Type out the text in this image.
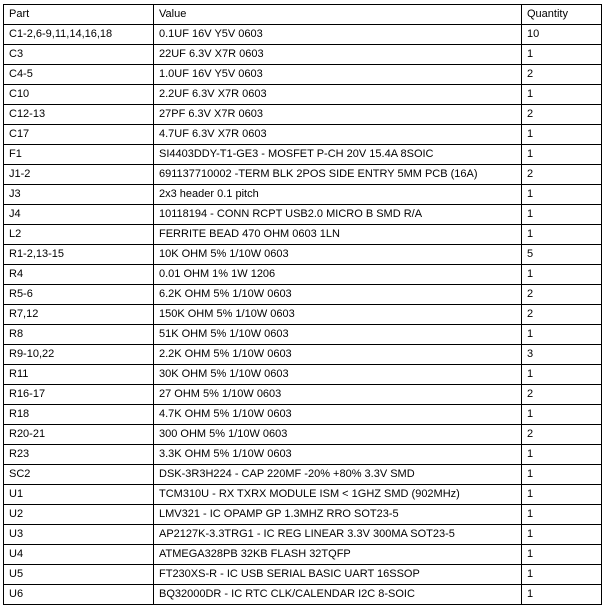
Part	Value	Quantity
C1-2,6-9,11,14,16,18	0.1UF 16V Y5V 0603	10
C3	22UF 6.3V X7R 0603	1
C4-5	1.0UF 16V Y5V 0603	2
C10	2.2UF 6.3V X7R 0603	1
C12-13	27PF 6.3V X7R 0603	2
C17	4.7UF 6.3V X7R 0603	1
F1	SI4403DDY-T1-GE3 - MOSFET P-CH 20V 15.4A 8SOIC	1
J1-2	691137710002 -TERM BLK 2POS SIDE ENTRY 5MM PCB (16A)	2
J3	2x3 header 0.1 pitch	1
J4	10118194 - CONN RCPT USB2.0 MICRO B SMD R/A	1
L2	FERRITE BEAD 470 OHM 0603 1LN	1
R1-2,13-15	10K OHM 5% 1/10W 0603	5
R4	0.01 OHM 1% 1W 1206	1
R5-6	6.2K OHM 5% 1/10W 0603	2
R7,12	150K OHM 5% 1/10W 0603	2
R8	51K OHM 5% 1/10W 0603	1
R9-10,22	2.2K OHM 5% 1/10W 0603	3
R11	30K OHM 5% 1/10W 0603	1
R16-17	27 OHM 5% 1/10W 0603	2
R18	4.7K OHM 5% 1/10W 0603	1
R20-21	300 OHM 5% 1/10W 0603	2
R23	3.3K OHM 5% 1/10W 0603	1
SC2	DSK-3R3H224 - CAP 220MF -20% +80% 3.3V SMD	1
U1	TCM310U - RX TXRX MODULE ISM < 1GHZ SMD (902MHz)	1
U2	LMV321 - IC OPAMP GP 1.3MHZ RRO SOT23-5	1
U3	AP2127K-3.3TRG1 - IC REG LINEAR 3.3V 300MA SOT23-5	1
U4	ATMEGA328PB 32KB FLASH 32TQFP	1
U5	FT230XS-R - IC USB SERIAL BASIC UART 16SSOP	1
U6	BQ32000DR - IC RTC CLK/CALENDAR I2C 8-SOIC	1
